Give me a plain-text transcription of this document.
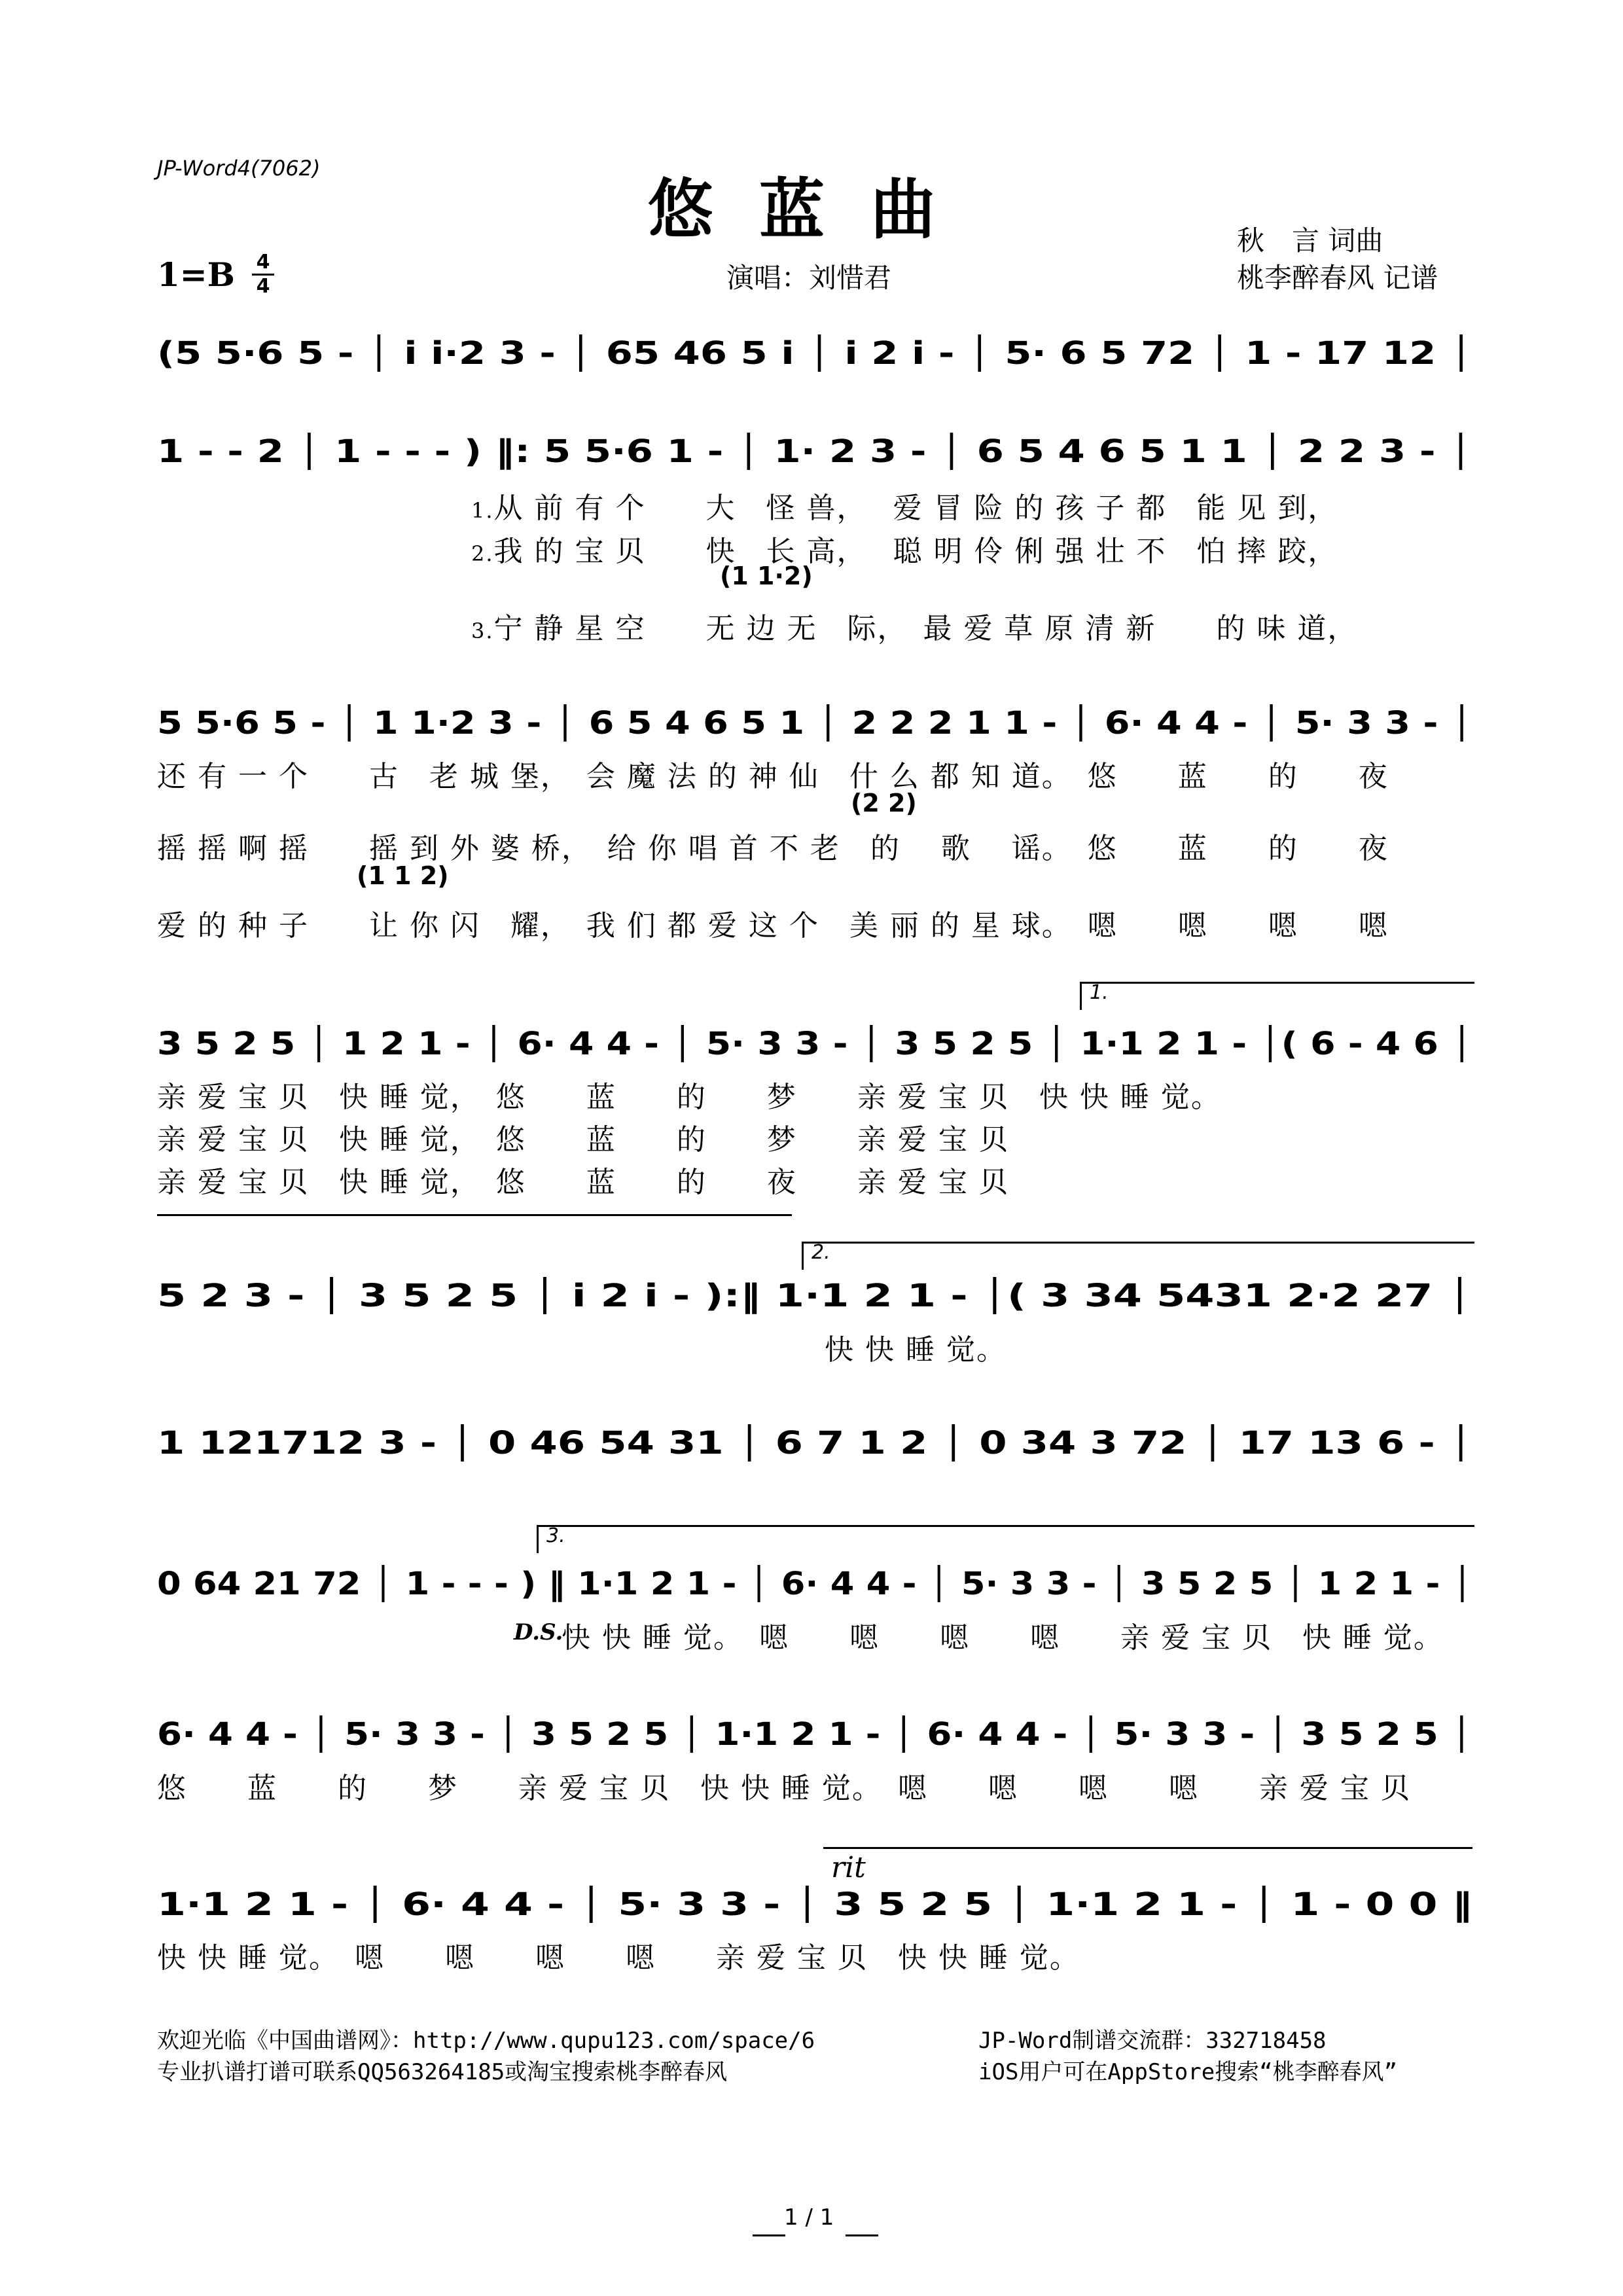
JP-Word4(7062)
悠蓝曲	秋　言 词曲
桃李醉春风 记谱
演唱：刘惜君
1=B 4
4
(5 5·6 5 - │ i i·2 3 - │ 65 46 5 i │ i 2 i - │ 5· 6 5 72 │ 1 - 17 12 │
1 - - 2 │ 1 - - - ) ‖: 5 5·6 1 - │ 1· 2 3 - │ 6 5 4 6 5 1 1 │ 2 2 3 - │
1.从 前 有 个　　大　怪 兽，　 爱 冒 险 的 孩 子 都　能 见 到，
2.我 的 宝 贝　　快　长 高，　 聪 明 伶 俐 强 壮 不　怕 摔 跤，
(1 1·2)
3.宁 静 星 空　　无 边 无　际，　最 爱 草 原 清 新　　的 味 道，
5 5·6 5 - │ 1 1·2 3 - │ 6 5 4 6 5 1 │ 2 2 2 1 1 - │ 6· 4 4 - │ 5· 3 3 - │
还 有 一 个　　古　老 城 堡，　会 魔 法 的 神 仙　什 么 都 知 道。　悠　　蓝　　的　　夜
(2 2)
摇 摇 啊 摇　　摇 到 外 婆 桥，　给 你 唱 首 不 老　的　 歌　 谣。　悠　　蓝　　的　　夜
(1 1 2)
爱 的 种 子　　让 你 闪　耀，　我 们 都 爱 这 个　美 丽 的 星 球。　嗯　　嗯　　嗯　　嗯
1.
3 5 2 5 │ 1 2 1 - │ 6· 4 4 - │ 5· 3 3 - │ 3 5 2 5 │ 1·1 2 1 - │( 6 - 4 6 │
亲 爱 宝 贝　快 睡 觉，　悠　　蓝　　的　　梦　　亲 爱 宝 贝　快 快 睡 觉。
亲 爱 宝 贝　快 睡 觉，　悠　　蓝　　的　　梦　　亲 爱 宝 贝
亲 爱 宝 贝　快 睡 觉，　悠　　蓝　　的　　夜　　亲 爱 宝 贝
2.
5 2 3 - │ 3 5 2 5 │ i 2 i - ):‖ 1·1 2 1 - │( 3 34 5431 2·2 27 │
快 快 睡 觉。
1 121712 3 - │ 0 46 54 31 │ 6 7 1 2 │ 0 34 3 72 │ 17 13 6 - │
3.
0 64 21 72 │ 1 - - - ) ‖ 1·1 2 1 - │ 6· 4 4 - │ 5· 3 3 - │ 3 5 2 5 │ 1 2 1 - │
D.S.
快 快 睡 觉。　嗯　　嗯　　嗯　　嗯　　亲 爱 宝 贝　快 睡 觉。
6· 4 4 - │ 5· 3 3 - │ 3 5 2 5 │ 1·1 2 1 - │ 6· 4 4 - │ 5· 3 3 - │ 3 5 2 5 │
悠　　蓝　　的　　梦　　亲 爱 宝 贝　快 快 睡 觉。　嗯　　嗯　　嗯　　嗯　　亲 爱 宝 贝
rit
1·1 2 1 - │ 6· 4 4 - │ 5· 3 3 - │ 3 5 2 5 │ 1·1 2 1 - │ 1 - 0 0 ‖
快 快 睡 觉。　嗯　　嗯　　嗯　　嗯　　亲 爱 宝 贝　快 快 睡 觉。
欢迎光临《中国曲谱网》：http://www.qupu123.com/space/6
专业扒谱打谱可联系QQ563264185或淘宝搜索桃李醉春风
JP-Word制谱交流群：332718458
iOS用户可在AppStore搜索“桃李醉春风”
1 / 1
